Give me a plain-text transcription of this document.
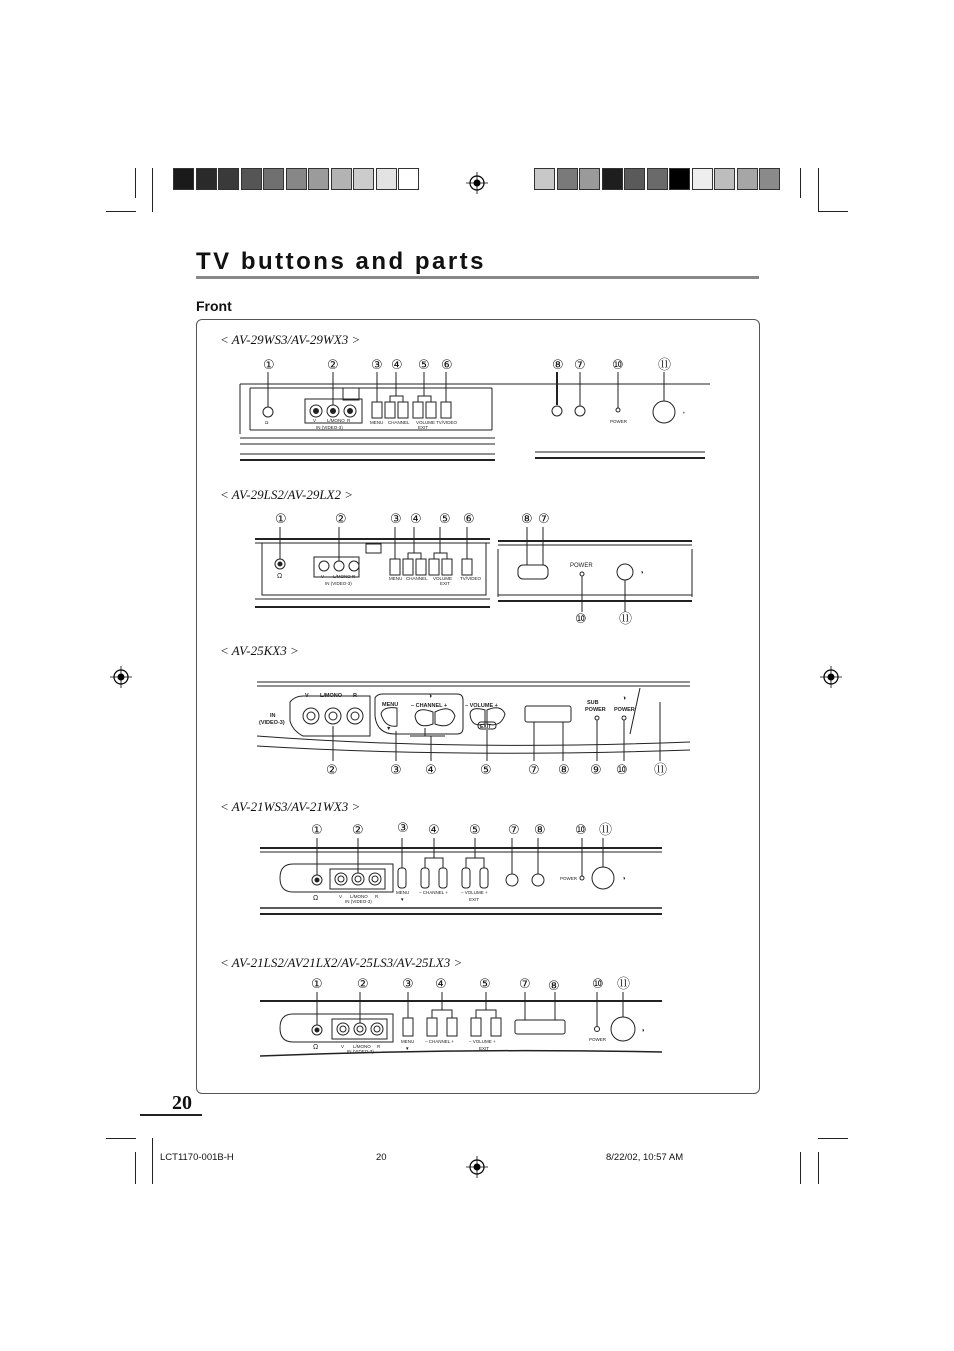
TV buttons and parts
Front
< AV-29WS3/AV-29WX3 >
①	② ③ ④ ⑤ ⑥	⑧ ⑦ ⑩	⑪
Ω	V L/MONO R
IN (VIDEO-3)
MENU CHANNEL VOLUME
EXIT
TV/VIDEO	POWER
◑
< AV-29LS2/AV-29LX2 >
①	②	③ ④ ⑤ ⑥	⑧ ⑦
⑩ ⑪
Ω	V L/MONO R
IN (VIDEO-3)
MENU CHANNEL VOLUME
EXIT
TV/VIDEO
POWER
◑
< AV-25KX3 >
IN
(VIDEO-3)
V L/MONO R
MENU
▼
– CHANNEL +
◑
– VOLUME +
EXIT
SUB
POWER POWER
◑
②	③ ④	⑤	⑦ ⑧ ⑨ ⑩ ⑪
< AV-21WS3/AV-21WX3 >
① ②	③ ④ ⑤ ⑦ ⑧ ⑩ ⑪
Ω	V L/MONO R
IN (VIDEO-3)
MENU
▼
– CHANNEL +	– VOLUME +
EXIT
POWER	◑
< AV-21LS2/AV21LX2/AV-25LS3/AV-25LX3 >
①	②	③ ④ ⑤ ⑦ ⑧ ⑩ ⑪
Ω	V L/MONO R
IN (VIDEO-3)
MENU
▼
– CHANNEL +	– VOLUME +
EXIT
POWER
◑
20
LCT1170-001B-H	20	8/22/02, 10:57 AM
